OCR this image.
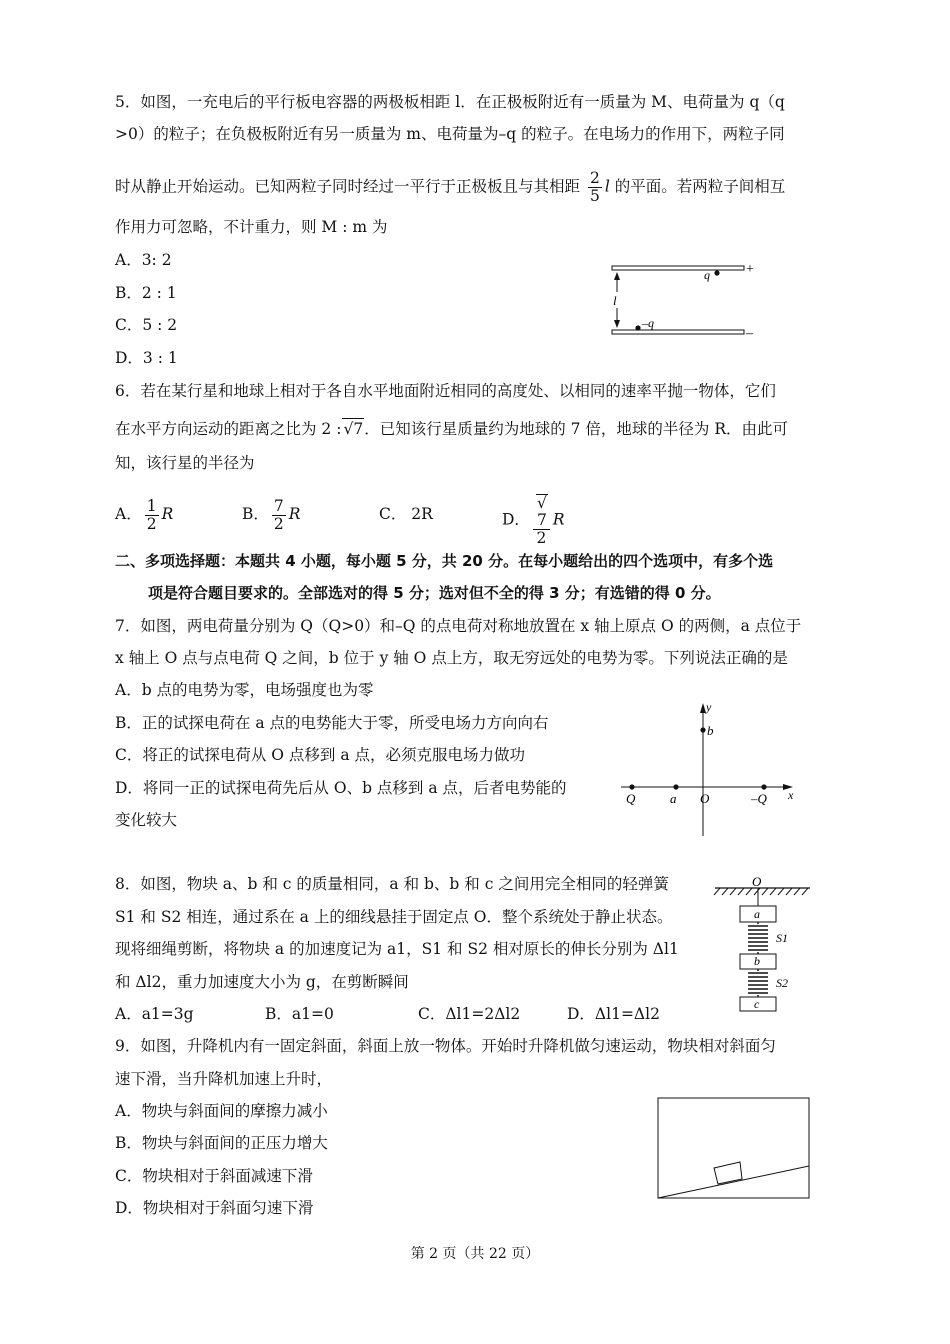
5．如图，一充电后的平行板电容器的两极板相距 l．在正极板附近有一质量为 M、电荷量为 q（q
>0）的粒子；在负极板附近有另一质量为 m、电荷量为–q 的粒子。在电场力的作用下，两粒子同
时从静止开始运动。已知两粒子同时经过一平行于正极板且与其相距 $\frac{2}{5}$ l 的平面。若两粒子间相互
作用力可忽略，不计重力，则 M : m 为
A．3: 2
B．2 : 1
C．5 : 2
D．3 : 1
q	+
–q
–
l
6．若在某行星和地球上相对于各自水平地面附近相同的高度处、以相同的速率平抛一物体，它们
在水平方向运动的距离之比为 2 : √7．已知该行星质量约为地球的 7 倍，地球的半径为 R．由此可
知，该行星的半径为
A． $\frac{1}{2}$ R	B． $\frac{7}{2}$ R	C． 2R	D． √
7
2 R
二、多项选择题：本题共 4 小题，每小题 5 分，共 20 分。在每小题给出的四个选项中，有多个选
项是符合题目要求的。全部选对的得 5 分；选对但不全的得 3 分；有选错的得 0 分。
7．如图，两电荷量分别为 Q（Q>0）和–Q 的点电荷对称地放置在 x 轴上原点 O 的两侧，a 点位于
x 轴上 O 点与点电荷 Q 之间，b 位于 y 轴 O 点上方，取无穷远处的电势为零。下列说法正确的是
A．b 点的电势为零，电场强度也为零
B．正的试探电荷在 a 点的电势能大于零，所受电场力方向向右
C．将正的试探电荷从 O 点移到 a 点，必须克服电场力做功
D．将同一正的试探电荷先后从 O、b 点移到 a 点，后者电势能的
变化较大
y
b
Q	a O	–Q x
8．如图，物块 a、b 和 c 的质量相同，a 和 b、b 和 c 之间用完全相同的轻弹簧
S1 和 S2 相连，通过系在 a 上的细线悬挂于固定点 O．整个系统处于静止状态。
现将细绳剪断，将物块 a 的加速度记为 a1，S1 和 S2 相对原长的伸长分别为 Δl1
和 Δl2，重力加速度大小为 g，在剪断瞬间
A．a1=3g	B．a1=0	C．Δl1=2Δl2	D．Δl1=Δl2
O
a
S1
b
S2
c
9．如图，升降机内有一固定斜面，斜面上放一物体。开始时升降机做匀速运动，物块相对斜面匀
速下滑，当升降机加速上升时，
A．物块与斜面间的摩擦力减小
B．物块与斜面间的正压力增大
C．物块相对于斜面减速下滑
D．物块相对于斜面匀速下滑
第 2 页（共 22 页）
